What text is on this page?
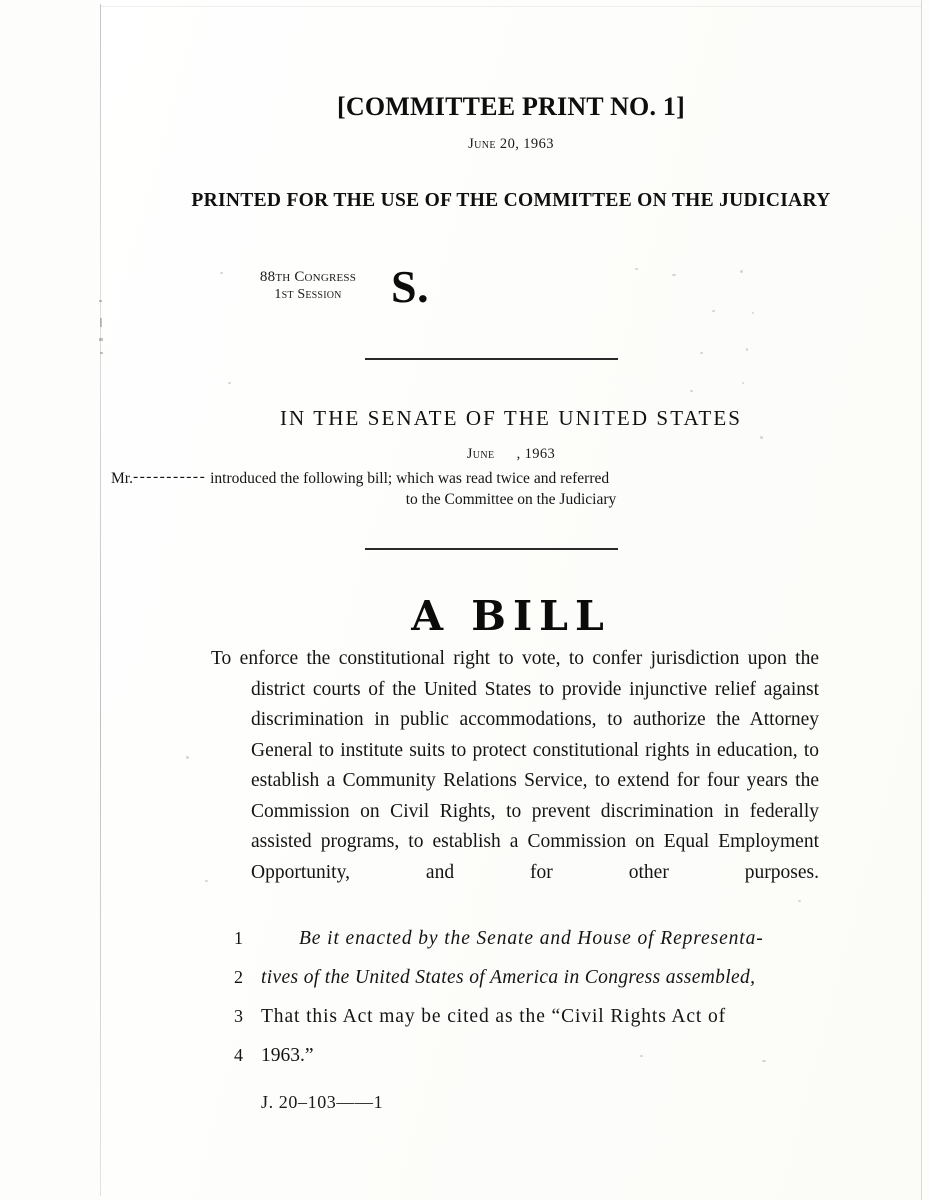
[COMMITTEE PRINT NO. 1]
June 20, 1963
PRINTED FOR THE USE OF THE COMMITTEE ON THE JUDICIARY
88th Congress
1st Session	S.
IN THE SENATE OF THE UNITED STATES
June , 1963
Mr.----------- introduced the following bill; which was read twice and referred
to the Committee on the Judiciary
A BILL
To enforce the constitutional right to vote, to confer jurisdiction upon the district courts of the United States to provide injunctive relief against discrimination in public accommodations, to authorize the Attorney General to institute suits to protect constitutional rights in education, to establish a Community Relations Service, to extend for four years the Commission on Civil Rights, to prevent discrimination in federally assisted programs, to establish a Commission on Equal Employment Opportunity, and for other purposes.
1	Be it enacted by the Senate and House of Representa-
2 tives of the United States of America in Congress assembled,
3 That this Act may be cited as the “Civil Rights Act of
4 1963.”
J. 20–103——1
